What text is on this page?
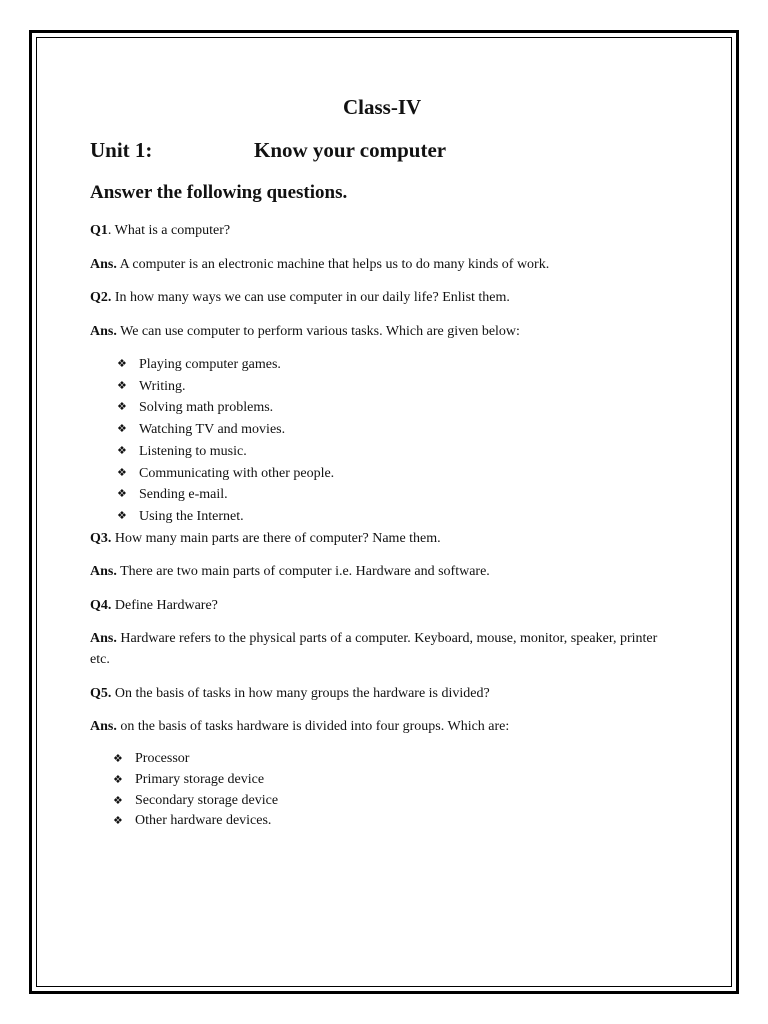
Class-IV
Unit 1:	Know your computer
Answer the following questions.

Q1. What is a computer?

Ans. A computer is an electronic machine that helps us to do many kinds of work.

Q2. In how many ways we can use computer in our daily life? Enlist them.

Ans. We can use computer to perform various tasks. Which are given below:

❖ Playing computer games.
❖ Writing.
❖ Solving math problems.
❖ Watching TV and movies.
❖ Listening to music.
❖ Communicating with other people.
❖ Sending e-mail.
❖ Using the Internet.

Q3. How many main parts are there of computer? Name them.

Ans. There are two main parts of computer i.e. Hardware and software.

Q4. Define Hardware?

Ans. Hardware refers to the physical parts of a computer. Keyboard, mouse, monitor, speaker, printer etc.

Q5. On the basis of tasks in how many groups the hardware is divided?

Ans. on the basis of tasks hardware is divided into four groups. Which are:

❖ Processor
❖ Primary storage device
❖ Secondary storage device
❖ Other hardware devices.
